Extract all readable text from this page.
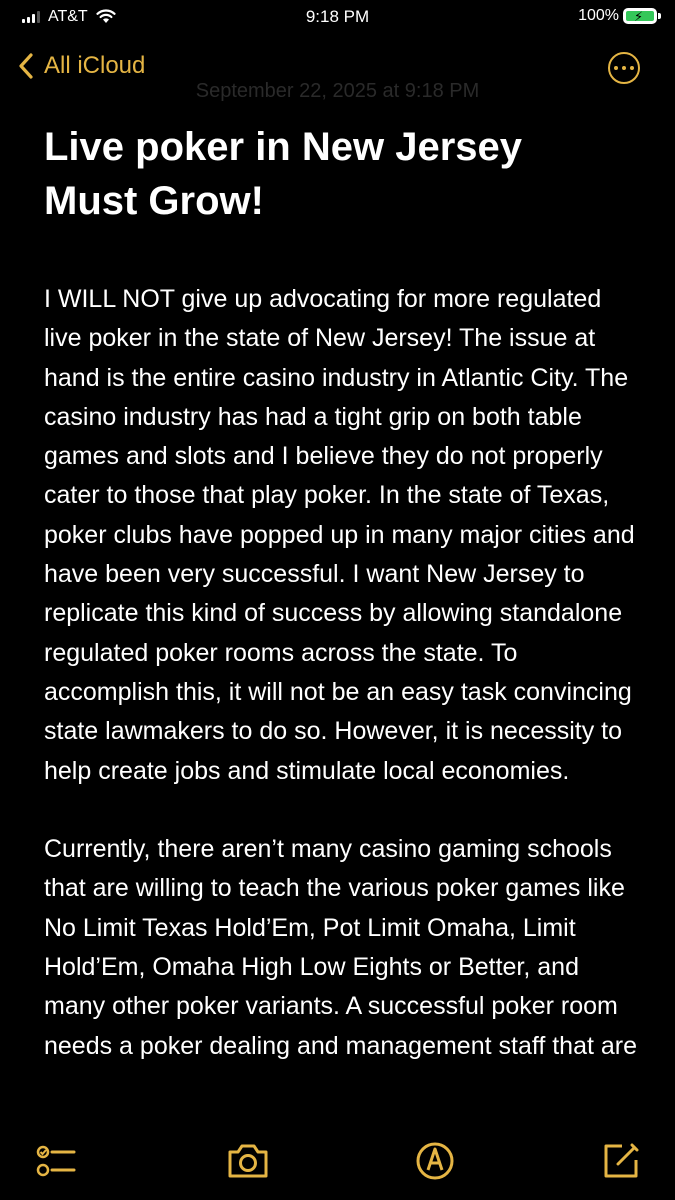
AT&T	9:18 PM	100% ⚡
All iCloud
September 22, 2025 at 9:18 PM
Live poker in New Jersey
Must Grow!

I WILL NOT give up advocating for more regulated live poker in the state of New Jersey! The issue at hand is the entire casino industry in Atlantic City. The casino industry has had a tight grip on both table games and slots and I believe they do not properly cater to those that play poker. In the state of Texas, poker clubs have popped up in many major cities and have been very successful. I want New Jersey to replicate this kind of success by allowing standalone regulated poker rooms across the state. To accomplish this, it will not be an easy task convincing state lawmakers to do so. However, it is necessity to help create jobs and stimulate local economies.

Currently, there aren’t many casino gaming schools that are willing to teach the various poker games like No Limit Texas Hold’Em, Pot Limit Omaha, Limit Hold’Em, Omaha High Low Eights or Better, and many other poker variants. A successful poker room needs a poker dealing and management staff that are
